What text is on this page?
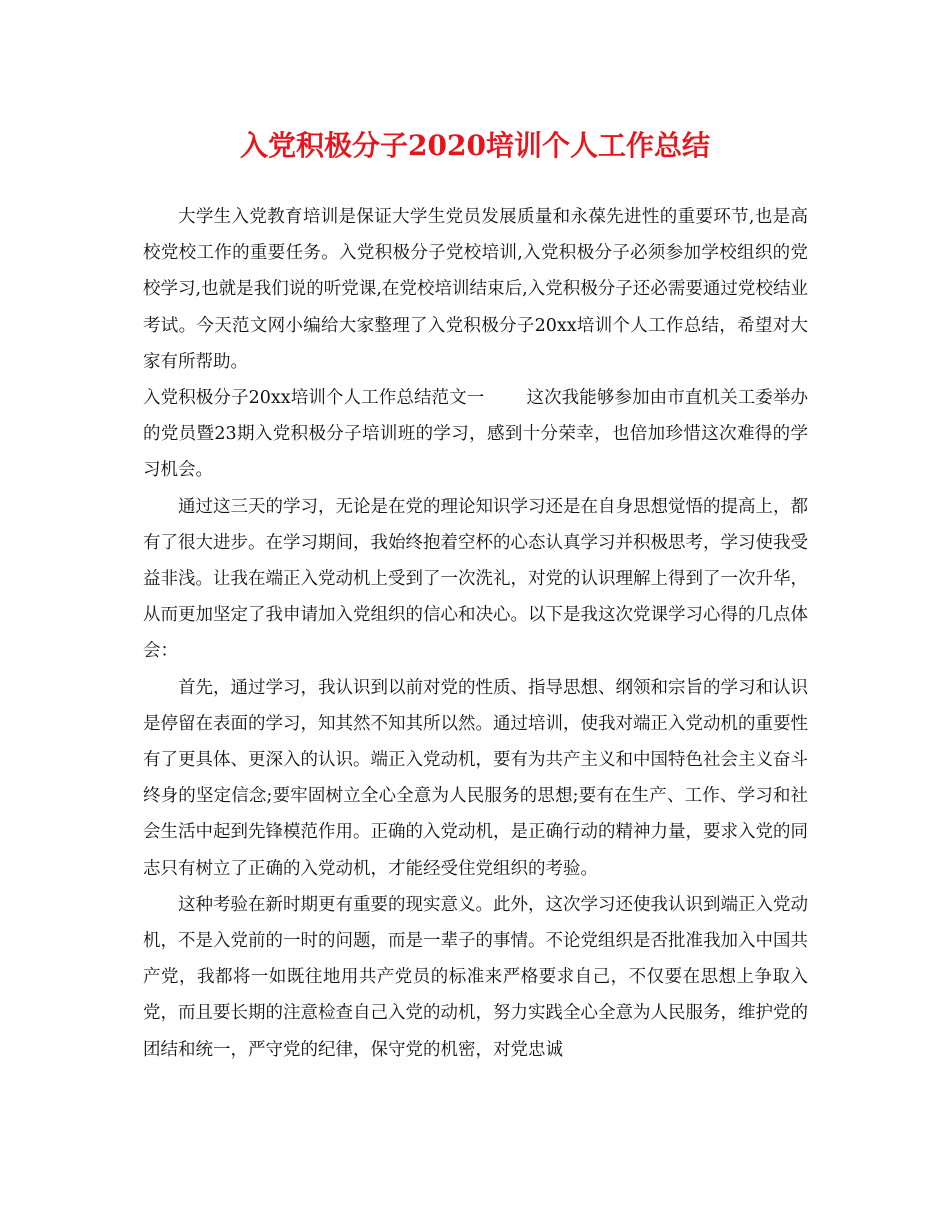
入党积极分子2020培训个人工作总结

大学生入党教育培训是保证大学生党员发展质量和永葆先进性的重要环节,也是高校党校工作的重要任务。入党积极分子党校培训,入党积极分子必须参加学校组织的党校学习,也就是我们说的听党课,在党校培训结束后,入党积极分子还必需要通过党校结业考试。今天范文网小编给大家整理了入党积极分子20xx培训个人工作总结，希望对大家有所帮助。

入党积极分子20xx培训个人工作总结范文一 这次我能够参加由市直机关工委举办的党员暨23期入党积极分子培训班的学习，感到十分荣幸，也倍加珍惜这次难得的学习机会。

通过这三天的学习，无论是在党的理论知识学习还是在自身思想觉悟的提高上，都有了很大进步。在学习期间，我始终抱着空杯的心态认真学习并积极思考，学习使我受益非浅。让我在端正入党动机上受到了一次洗礼，对党的认识理解上得到了一次升华，从而更加坚定了我申请加入党组织的信心和决心。以下是我这次党课学习心得的几点体会：

首先，通过学习，我认识到以前对党的性质、指导思想、纲领和宗旨的学习和认识是停留在表面的学习，知其然不知其所以然。通过培训，使我对端正入党动机的重要性有了更具体、更深入的认识。端正入党动机，要有为共产主义和中国特色社会主义奋斗终身的坚定信念;要牢固树立全心全意为人民服务的思想;要有在生产、工作、学习和社会生活中起到先锋模范作用。正确的入党动机，是正确行动的精神力量，要求入党的同志只有树立了正确的入党动机，才能经受住党组织的考验。

这种考验在新时期更有重要的现实意义。此外，这次学习还使我认识到端正入党动机，不是入党前的一时的问题，而是一辈子的事情。不论党组织是否批准我加入中国共产党，我都将一如既往地用共产党员的标准来严格要求自己，不仅要在思想上争取入党，而且要长期的注意检查自己入党的动机，努力实践全心全意为人民服务，维护党的团结和统一，严守党的纪律，保守党的机密，对党忠诚
